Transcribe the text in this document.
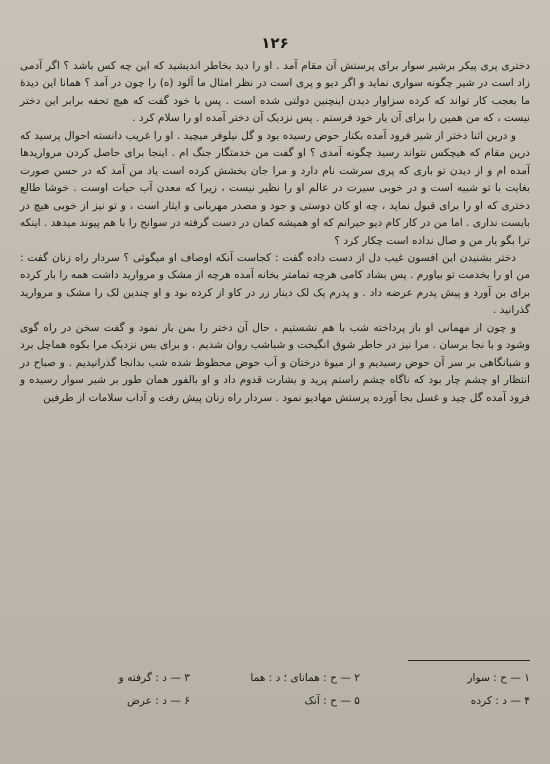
۱۲۶

دختری پری پیکر برشیر سوار برای پرستش آن مقام آمد . او را دید بخاطر اندیشید که این چه کس باشد ؟ اگر آدمی زاد است در شیر چگونه سواری نماید و اگر دیو و پری است در نظر امثال ما آلود (ه) را چون در آمد ؟ همانا این دیدهٔ ما بعجب کار تواند که کرده سزاوار دیدن اینچنین دولتی شده است . پس با خود گفت که هیچ تحفه برابر این دختر نیست ، که من همین را برای آن یار خود فرستم . پس نزدیک آن دختر آمده او را سلام کرد .

و درین اثنا دختر از شیر فرود آمده بکنار حوض رسیده بود و گل نیلوفر میچید . او را غریب دانسته احوال پرسید که درین مقام که هیچکس نتواند رسید چگونه آمدی ؟ او گفت من خدمتگار جنگ ام . اینجا برای حاصل کردن مرواریدها آمده ام و از دیدن تو باری که پری سرشت نام دارد و مرا جان بخشش کرده است یاد من آمد که در حسن صورت بغایت با تو شبیه است و در خوبی سیرت در عالم او را نظیر نیست ، زیرا که معدن آب حیات اوست . خوشا طالع دختری که او را برای قبول نماید ، چه او کان دوستی و جود و مصدر مهربانی و ایثار است ، و تو نیز از خوبی هیچ در بایست نداری . اما من در کار کام دیو حیرانم که او همیشه کمان در دست گرفته در سوانح را با هم پیوند میدهد . اینکه ترا بگو یار من و صال نداده است چکار کرد ؟

دختر بشنیدن این افسون غیب دل از دست داده گفت : کجاست آنکه اوصاف او میگوئی ؟ سردار راه زنان گفت : من او را بخدمت تو بیاورم . پس بشاد کامی هرچه تمامتر بخانه آمده هرچه از مشک و مروارید داشت همه را بار کرده برای بن آورد و پیش پدرم عرضه داد . و پدرم یک لک دینار زر در کاو از کرده بود و او چندین لک را مشک و مروارید گذرانید .

و چون از مهمانی او باز پرداخته شب با هم نشستیم ، حال آن دختر را بمن باز نمود و گفت سخن در راه گوی وشود و با نجا برسان . مرا نیز در خاطر شوق انگیخت و شباشب روان شدیم . و برای بس نزدیک مرا بکوه هماچل برد و شبانگاهی بر سر آن حوض رسیدیم و از میوهٔ درختان و آب حوض محظوظ شده شب بدانجا گذرانیدیم . و صباح در انتظار او چشم چار بود که ناگاه چشم راستم پرید و بشارت قدوم داد و او بالفور همان طور بر شیر سوار رسیده و فرود آمده گل چید و غسل بجا آورده پرستش مهادیو نمود . سردار راه زنان پیش رفت و آداب سلامات از طرفین

۱ — ح : سوار
۲ — ح : همانای ؛ د : هما
۳ — د : گرفته و
۴ — د : کرده
۵ — ح : آنک
۶ — د : عرض
